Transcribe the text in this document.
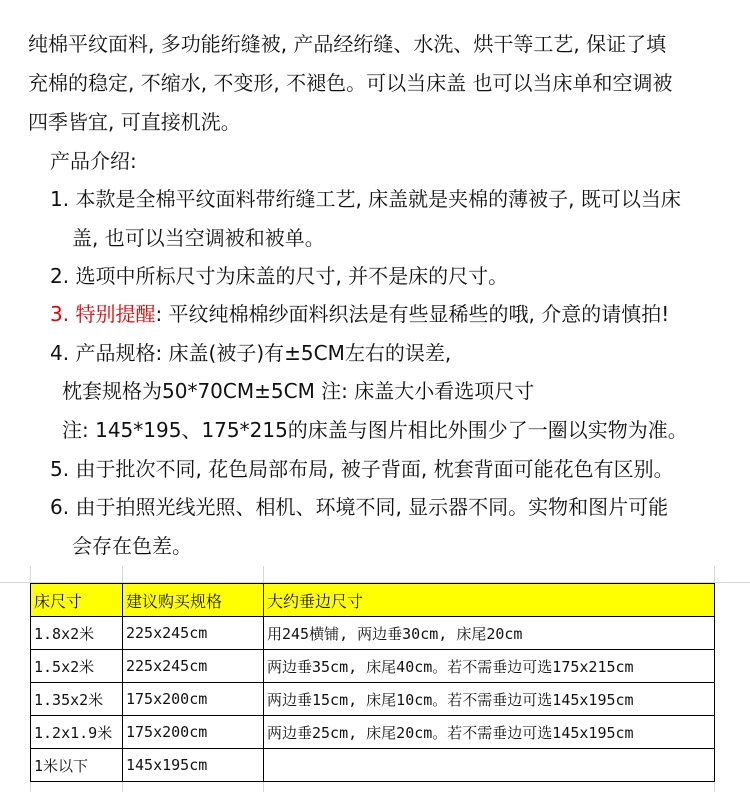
纯棉平纹面料, 多功能绗缝被, 产品经绗缝、水洗、烘干等工艺, 保证了填
充棉的稳定, 不缩水, 不变形, 不褪色。可以当床盖 也可以当床单和空调被
四季皆宜, 可直接机洗。
产品介绍:
1. 本款是全棉平纹面料带绗缝工艺, 床盖就是夹棉的薄被子, 既可以当床
盖, 也可以当空调被和被单。
2. 选项中所标尺寸为床盖的尺寸, 并不是床的尺寸。
3. 特别提醒: 平纹纯棉棉纱面料织法是有些显稀些的哦, 介意的请慎拍!
4. 产品规格: 床盖(被子)有±5CM左右的误差,
枕套规格为50*70CM±5CM 注: 床盖大小看选项尺寸
注: 145*195、175*215的床盖与图片相比外围少了一圈以实物为准。
5. 由于批次不同, 花色局部布局, 被子背面, 枕套背面可能花色有区别。
6. 由于拍照光线光照、相机、环境不同, 显示器不同。实物和图片可能
会存在色差。
床尺寸	建议购买规格	大约垂边尺寸
1.8x2米	225x245cm	用245横铺, 两边垂30cm, 床尾20cm
1.5x2米	225x245cm	两边垂35cm, 床尾40cm。若不需垂边可选175x215cm
1.35x2米	175x200cm	两边垂15cm, 床尾10cm。若不需垂边可选145x195cm
1.2x1.9米	175x200cm	两边垂25cm, 床尾20cm。若不需垂边可选145x195cm
1米以下	145x195cm	
